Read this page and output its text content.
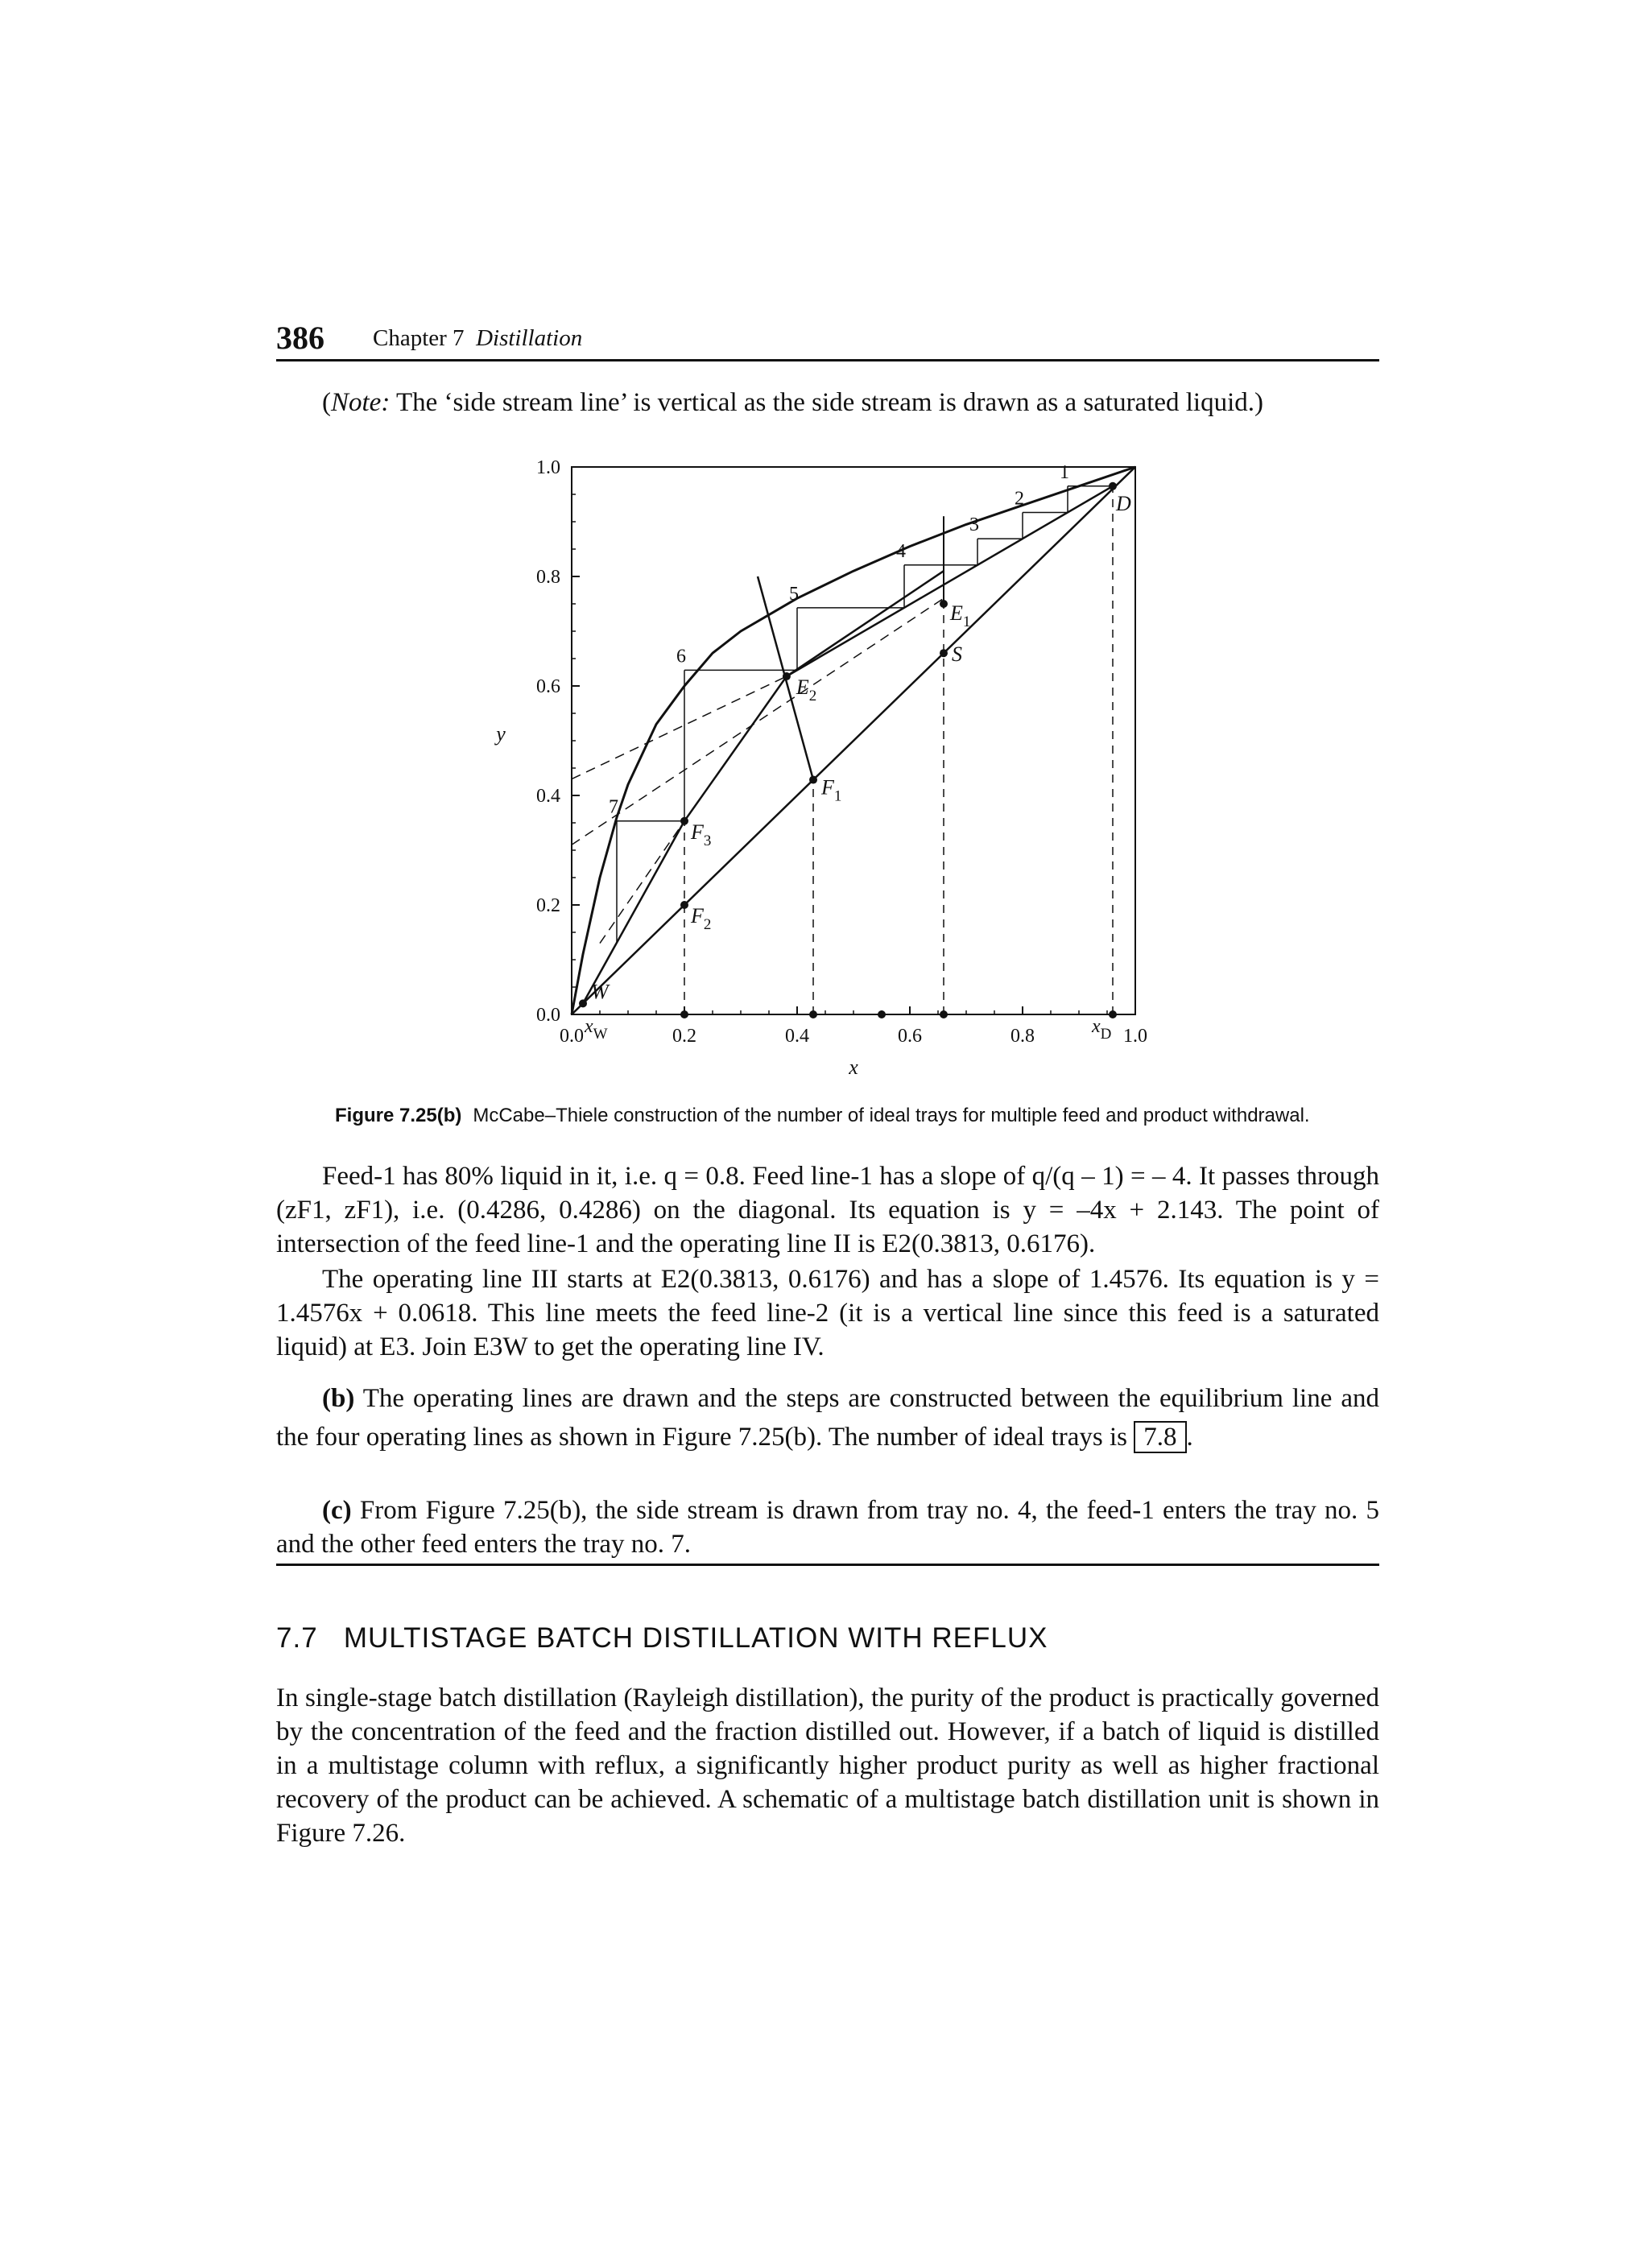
386 Chapter 7 Distillation
(Note: The ‘side stream line’ is vertical as the side stream is drawn as a saturated liquid.)
0.0	0.2	0.4	0.6	0.8	1.0
0.0
0.2
0.4
0.6
0.8
1.0
x
y
1
2
3
4
5
6
7
D
$E_1$
S
$E_2$
$F_1$
$F_3$
$F_2$
W
$x_W$	$x_D$
Figure 7.25(b) McCabe–Thiele construction of the number of ideal trays for multiple feed and product withdrawal.
Feed-1 has 80% liquid in it, i.e. q = 0.8. Feed line-1 has a slope of q/(q – 1) = – 4. It passes through (zF1, zF1), i.e. (0.4286, 0.4286) on the diagonal. Its equation is y = –4x + 2.143. The point of intersection of the feed line-1 and the operating line II is E2(0.3813, 0.6176).
The operating line III starts at E2(0.3813, 0.6176) and has a slope of 1.4576. Its equation is y = 1.4576x + 0.0618. This line meets the feed line-2 (it is a vertical line since this feed is a saturated liquid) at E3. Join E3W to get the operating line IV.
(b) The operating lines are drawn and the steps are constructed between the equilibrium line and the four operating lines as shown in Figure 7.25(b). The number of ideal trays is 7.8 .
(c) From Figure 7.25(b), the side stream is drawn from tray no. 4, the feed-1 enters the tray no. 5 and the other feed enters the tray no. 7.
7.7 MULTISTAGE BATCH DISTILLATION WITH REFLUX
In single-stage batch distillation (Rayleigh distillation), the purity of the product is practically governed by the concentration of the feed and the fraction distilled out. However, if a batch of liquid is distilled in a multistage column with reflux, a significantly higher product purity as well as higher fractional recovery of the product can be achieved. A schematic of a multistage batch distillation unit is shown in Figure 7.26.
